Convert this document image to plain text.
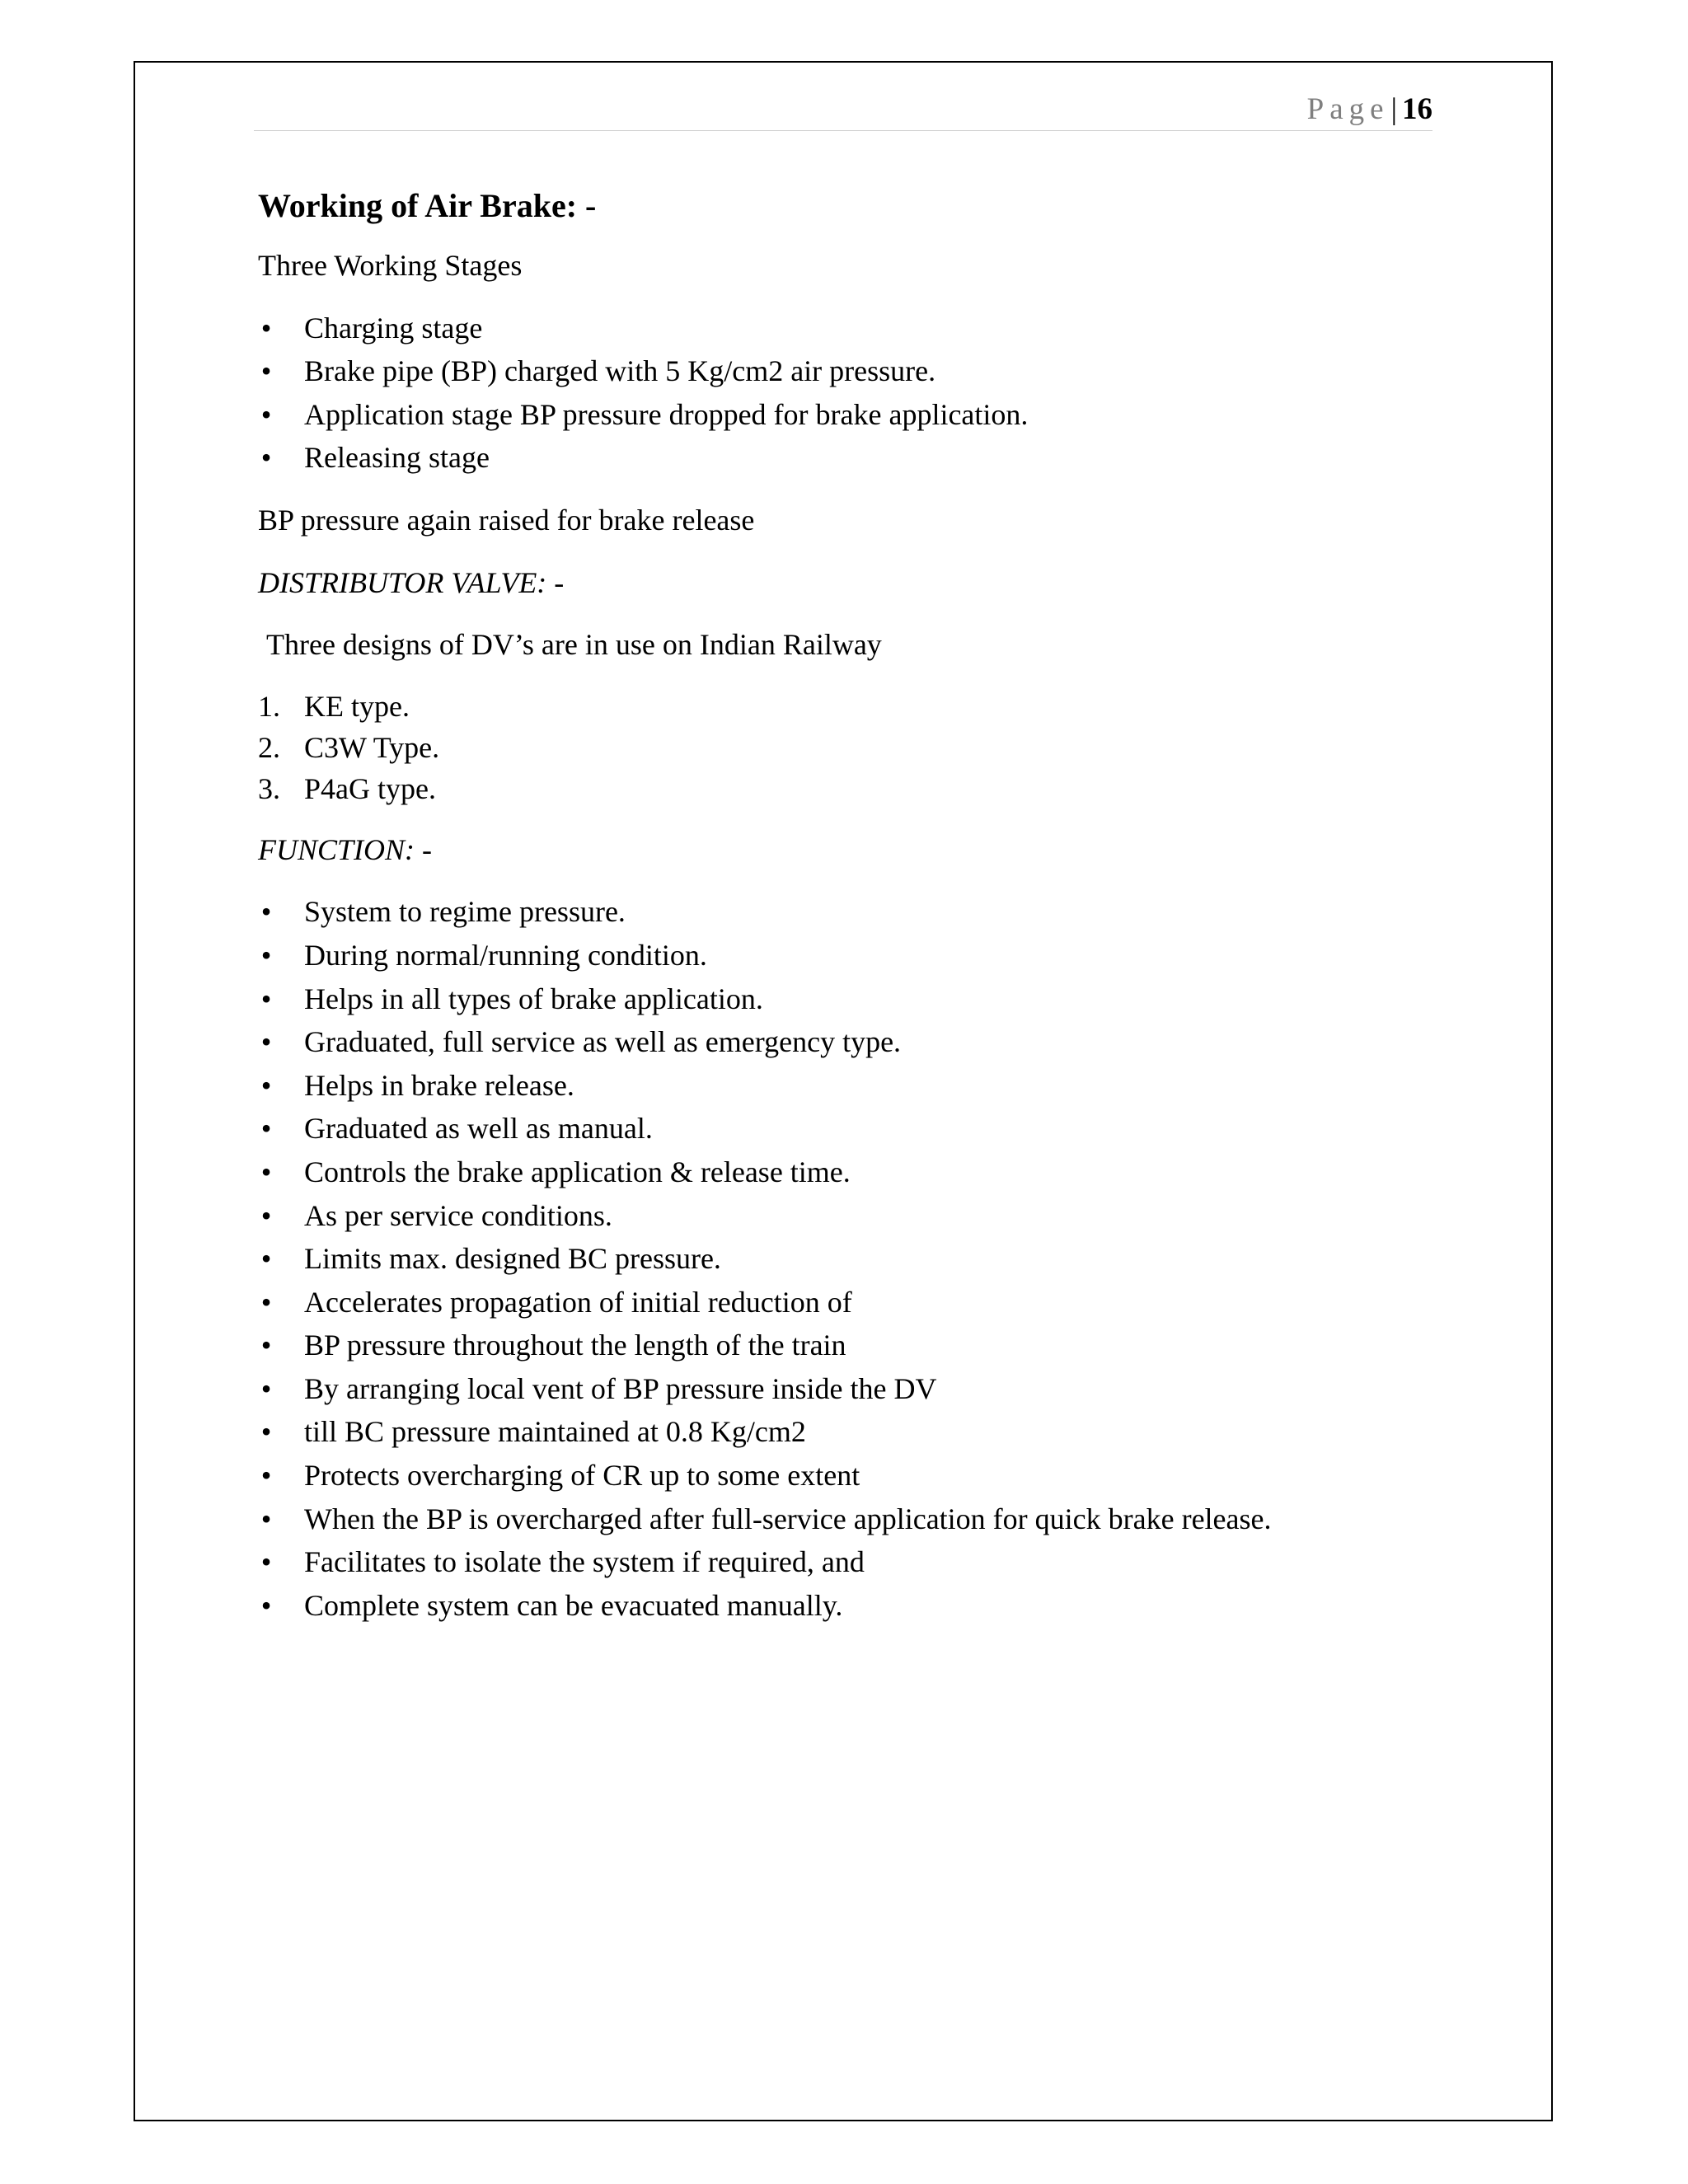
Page| 16
Working of Air Brake: -
Three Working Stages
• Charging stage
• Brake pipe (BP) charged with 5 Kg/cm2 air pressure.
• Application stage BP pressure dropped for brake application.
• Releasing stage
BP pressure again raised for brake release
DISTRIBUTOR VALVE: -
Three designs of DV’s are in use on Indian Railway
1. KE type.
2. C3W Type.
3. P4aG type.
FUNCTION: -
• System to regime pressure.
• During normal/running condition.
• Helps in all types of brake application.
• Graduated, full service as well as emergency type.
• Helps in brake release.
• Graduated as well as manual.
• Controls the brake application & release time.
• As per service conditions.
• Limits max. designed BC pressure.
• Accelerates propagation of initial reduction of
• BP pressure throughout the length of the train
• By arranging local vent of BP pressure inside the DV
• till BC pressure maintained at 0.8 Kg/cm2
• Protects overcharging of CR up to some extent
• When the BP is overcharged after full-service application for quick brake release.
• Facilitates to isolate the system if required, and
• Complete system can be evacuated manually.
